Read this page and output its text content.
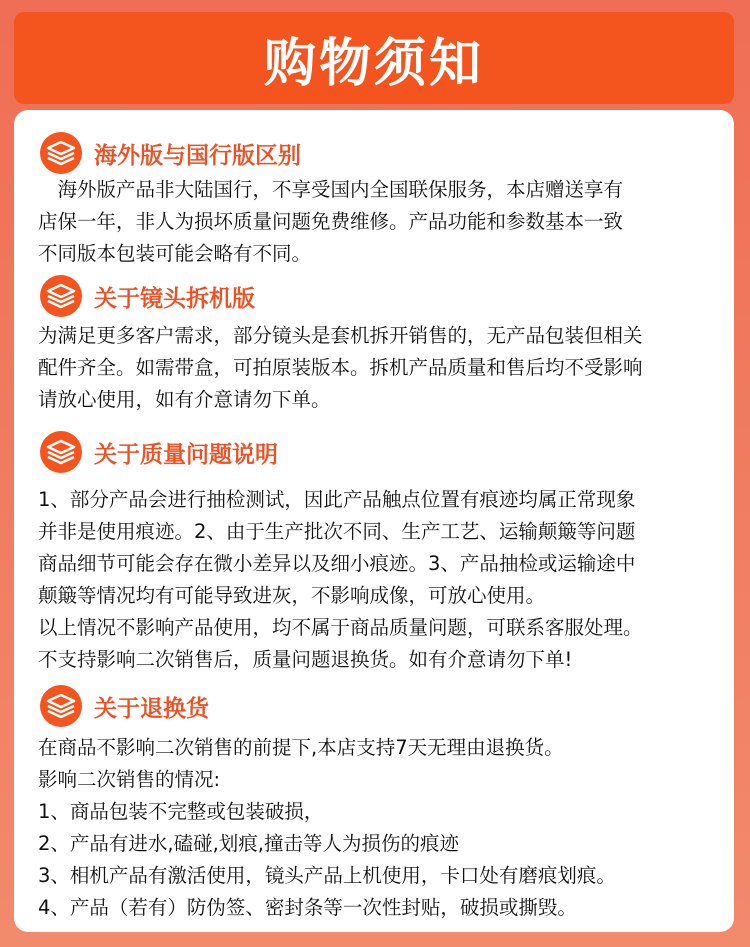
购物须知
海外版与国行版区别
　海外版产品非大陆国行，不享受国内全国联保服务，本店赠送享有
店保一年，非人为损坏质量问题免费维修。产品功能和参数基本一致
不同版本包装可能会略有不同。
关于镜头拆机版
为满足更多客户需求，部分镜头是套机拆开销售的，无产品包装但相关
配件齐全。如需带盒，可拍原装版本。拆机产品质量和售后均不受影响
请放心使用，如有介意请勿下单。
关于质量问题说明
1、部分产品会进行抽检测试，因此产品触点位置有痕迹均属正常现象
并非是使用痕迹。2、由于生产批次不同、生产工艺、运输颠簸等问题
商品细节可能会存在微小差异以及细小痕迹。3、产品抽检或运输途中
颠簸等情况均有可能导致进灰，不影响成像，可放心使用。
以上情况不影响产品使用，均不属于商品质量问题，可联系客服处理。
不支持影响二次销售后，质量问题退换货。如有介意请勿下单!
关于退换货
在商品不影响二次销售的前提下,本店支持7天无理由退换货。
影响二次销售的情况:
1、商品包装不完整或包装破损，
2、产品有进水,磕碰,划痕,撞击等人为损伤的痕迹
3、相机产品有激活使用，镜头产品上机使用，卡口处有磨痕划痕。
4、产品（若有）防伪签、密封条等一次性封贴，破损或撕毁。
